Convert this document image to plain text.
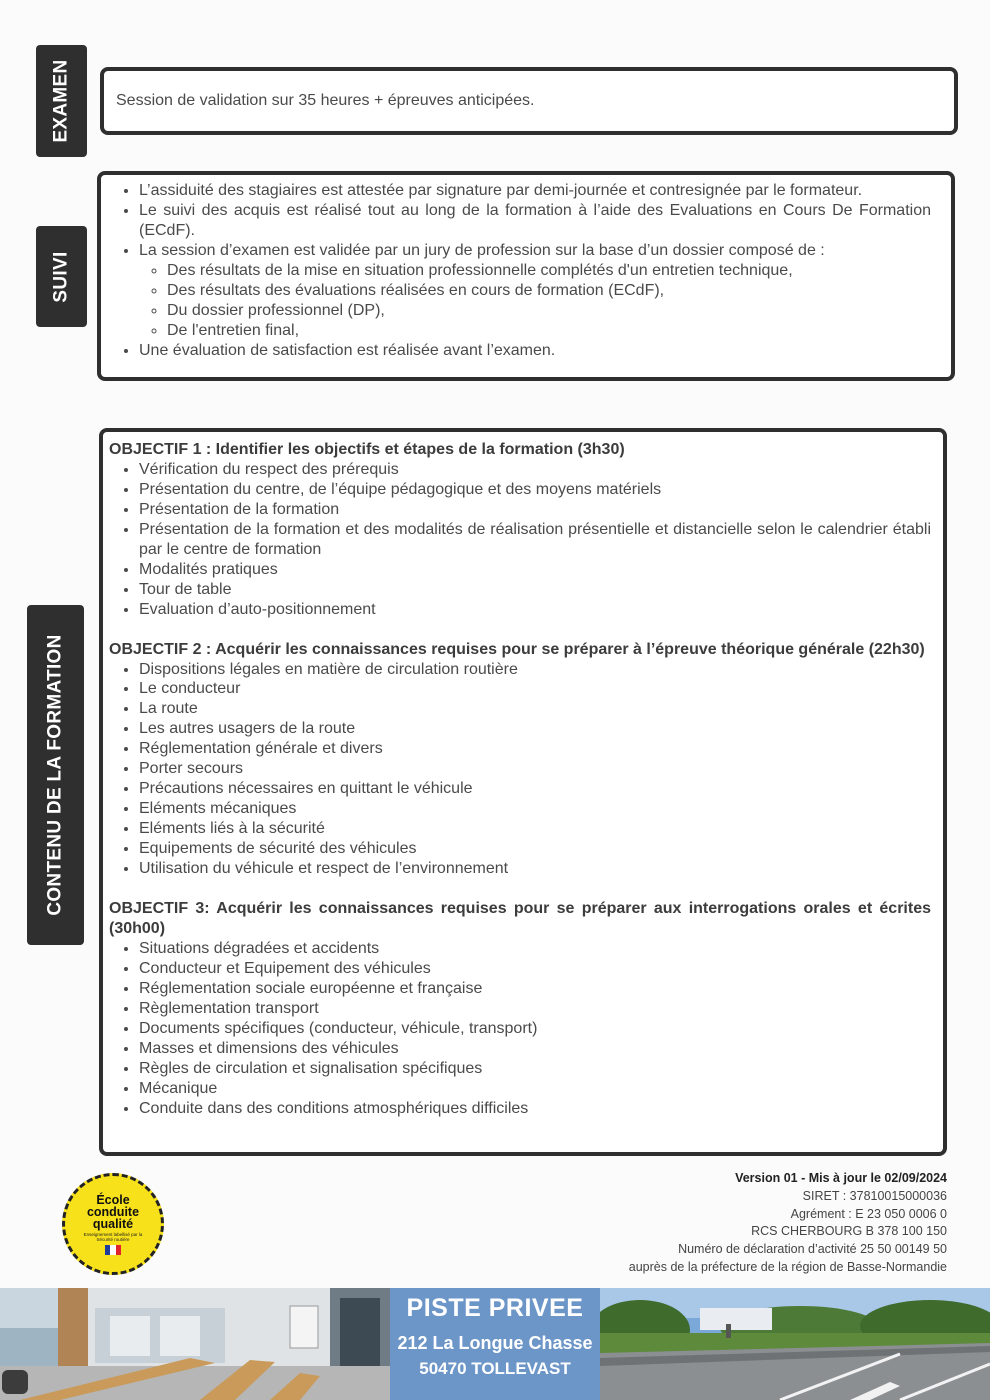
EXAMEN	Session de validation sur 35 heures + épreuves anticipées.

SUIVI
• L’assiduité des stagiaires est attestée par signature par demi-journée et contresignée par le formateur.
• Le suivi des acquis est réalisé tout au long de la formation à l’aide des Evaluations en Cours De Formation (ECdF).
• La session d’examen est validée par un jury de profession sur la base d’un dossier composé de :
◦ Des résultats de la mise en situation professionnelle complétés d'un entretien technique,
◦ Des résultats des évaluations réalisées en cours de formation (ECdF),
◦ Du dossier professionnel (DP),
◦ De l'entretien final,
• Une évaluation de satisfaction est réalisée avant l’examen.
CONTENU DE LA FORMATION

OBJECTIF 1 : Identifier les objectifs et étapes de la formation (3h30)

• Vérification du respect des prérequis
• Présentation du centre, de l’équipe pédagogique et des moyens matériels
• Présentation de la formation
• Présentation de la formation et des modalités de réalisation présentielle et distancielle selon le calendrier établi par le centre de formation
• Modalités pratiques
• Tour de table
• Evaluation d’auto-positionnement

OBJECTIF 2 : Acquérir les connaissances requises pour se préparer à l’épreuve théorique générale (22h30)

• Dispositions légales en matière de circulation routière
• Le conducteur
• La route
• Les autres usagers de la route
• Réglementation générale et divers
• Porter secours
• Précautions nécessaires en quittant le véhicule
• Eléments mécaniques
• Eléments liés à la sécurité
• Equipements de sécurité des véhicules
• Utilisation du véhicule et respect de l’environnement

OBJECTIF 3: Acquérir les connaissances requises pour se préparer aux interrogations orales et écrites (30h00)

• Situations dégradées et accidents
• Conducteur et Equipement des véhicules
• Réglementation sociale européenne et française
• Règlementation transport
• Documents spécifiques (conducteur, véhicule, transport)
• Masses et dimensions des véhicules
• Règles de circulation et signalisation spécifiques
• Mécanique
• Conduite dans des conditions atmosphériques difficiles
École
conduite
qualité
Enseignement labellisé par la Sécurité routière
Version 01 - Mis à jour le 02/09/2024
SIRET : 37810015000036
Agrément : E 23 050 0006 0
RCS CHERBOURG B 378 100 150
Numéro de déclaration d’activité 25 50 00149 50
auprès de la préfecture de la région de Basse-Normandie
PISTE PRIVEE
212 La Longue Chasse
50470 TOLLEVAST
